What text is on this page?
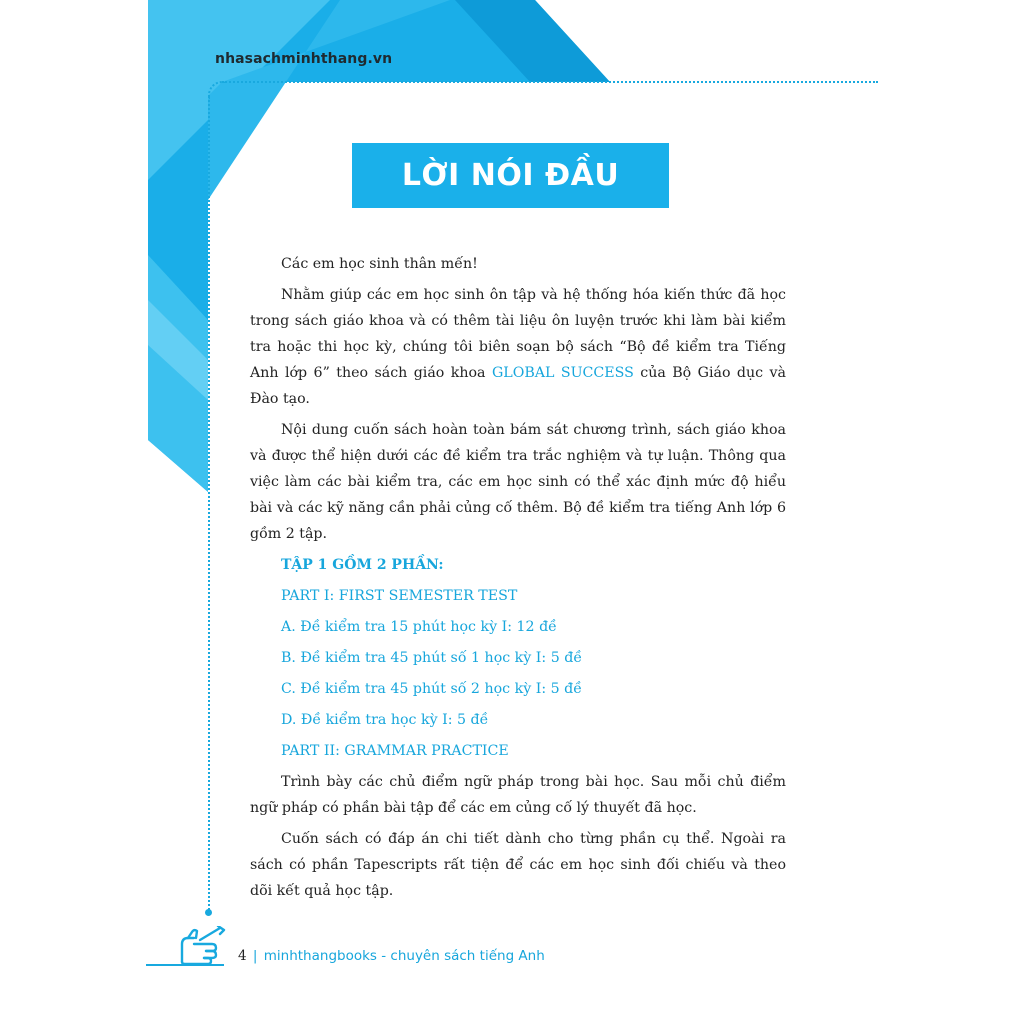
nhasachminhthang.vn
LỜI NÓI ĐẦU

Các em học sinh thân mến!

Nhằm giúp các em học sinh ôn tập và hệ thống hóa kiến thức đã học trong sách giáo khoa và có thêm tài liệu ôn luyện trước khi làm bài kiểm tra hoặc thi học kỳ, chúng tôi biên soạn bộ sách “Bộ đề kiểm tra Tiếng Anh lớp 6” theo sách giáo khoa GLOBAL SUCCESS của Bộ Giáo dục và Đào tạo.

Nội dung cuốn sách hoàn toàn bám sát chương trình, sách giáo khoa và được thể hiện dưới các đề kiểm tra trắc nghiệm và tự luận. Thông qua việc làm các bài kiểm tra, các em học sinh có thể xác định mức độ hiểu bài và các kỹ năng cần phải củng cố thêm. Bộ đề kiểm tra tiếng Anh lớp 6 gồm 2 tập.

TẬP 1 GỒM 2 PHẦN:

PART I: FIRST SEMESTER TEST

A. Đề kiểm tra 15 phút học kỳ I: 12 đề

B. Đề kiểm tra 45 phút số 1 học kỳ I: 5 đề

C. Đề kiểm tra 45 phút số 2 học kỳ I: 5 đề

D. Đề kiểm tra học kỳ I: 5 đề

PART II: GRAMMAR PRACTICE

Trình bày các chủ điểm ngữ pháp trong bài học. Sau mỗi chủ điểm ngữ pháp có phần bài tập để các em củng cố lý thuyết đã học.

Cuốn sách có đáp án chi tiết dành cho từng phần cụ thể. Ngoài ra sách có phần Tapescripts rất tiện để các em học sinh đối chiếu và theo dõi kết quả học tập.

4 | minhthangbooks - chuyên sách tiếng Anh
